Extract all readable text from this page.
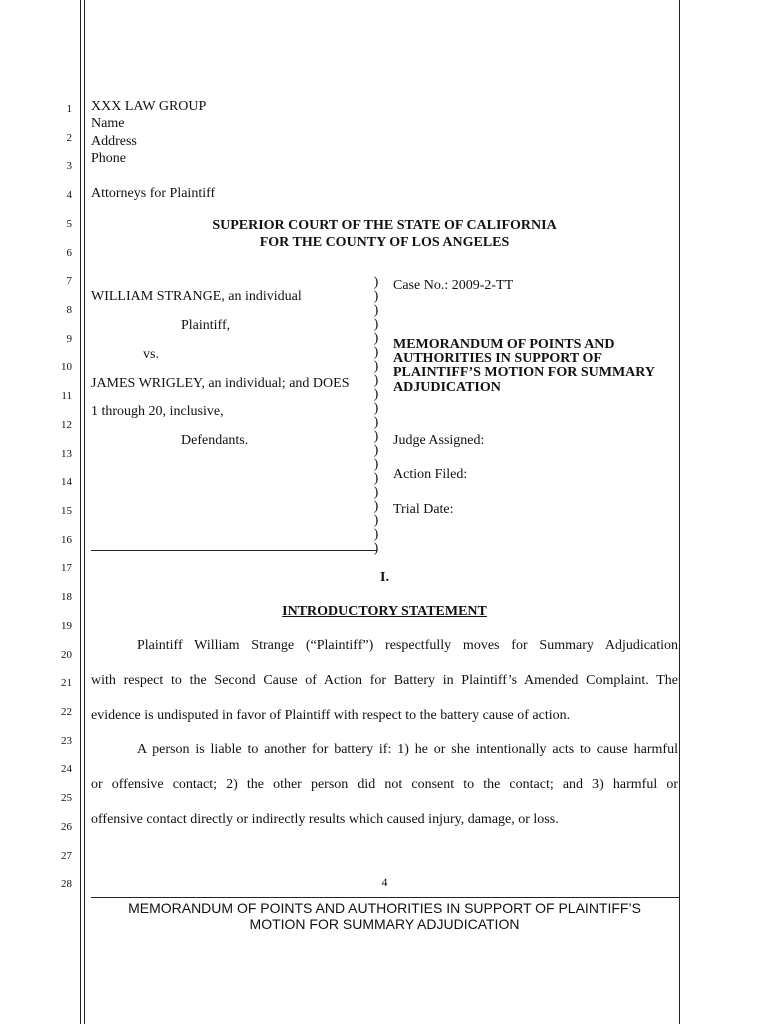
1
2
3
4
5
6
7
8
9
10
11
12
13
14
15
16
17
18
19
20
21
22
23
24
25
26
27
28
XXX LAW GROUP
Name
Address
Phone
Attorneys for Plaintiff
SUPERIOR COURT OF THE STATE OF CALIFORNIA
FOR THE COUNTY OF LOS ANGELES
WILLIAM STRANGE, an individual
Plaintiff,
vs.
JAMES WRIGLEY, an individual; and DOES
1 through 20, inclusive,
Defendants.
)
)
)
)
)
)
)
)
)
)
)
)
)
)
)
)
)
)
)
)
Case No.: 2009-2-TT
MEMORANDUM OF POINTS AND
AUTHORITIES IN SUPPORT OF
PLAINTIFF’S MOTION FOR SUMMARY
ADJUDICATION
Judge Assigned:
Action Filed:
Trial Date:
I.
INTRODUCTORY STATEMENT
Plaintiff William Strange (“Plaintiff”) respectfully moves for Summary Adjudication
with respect to the Second Cause of Action for Battery in Plaintiff’s Amended Complaint. The
evidence is undisputed in favor of Plaintiff with respect to the battery cause of action.
A person is liable to another for battery if: 1) he or she intentionally acts to cause harmful
or offensive contact; 2) the other person did not consent to the contact; and 3) harmful or
offensive contact directly or indirectly results which caused injury, damage, or loss.
4
MEMORANDUM OF POINTS AND AUTHORITIES IN SUPPORT OF PLAINTIFF’S
MOTION FOR SUMMARY ADJUDICATION
